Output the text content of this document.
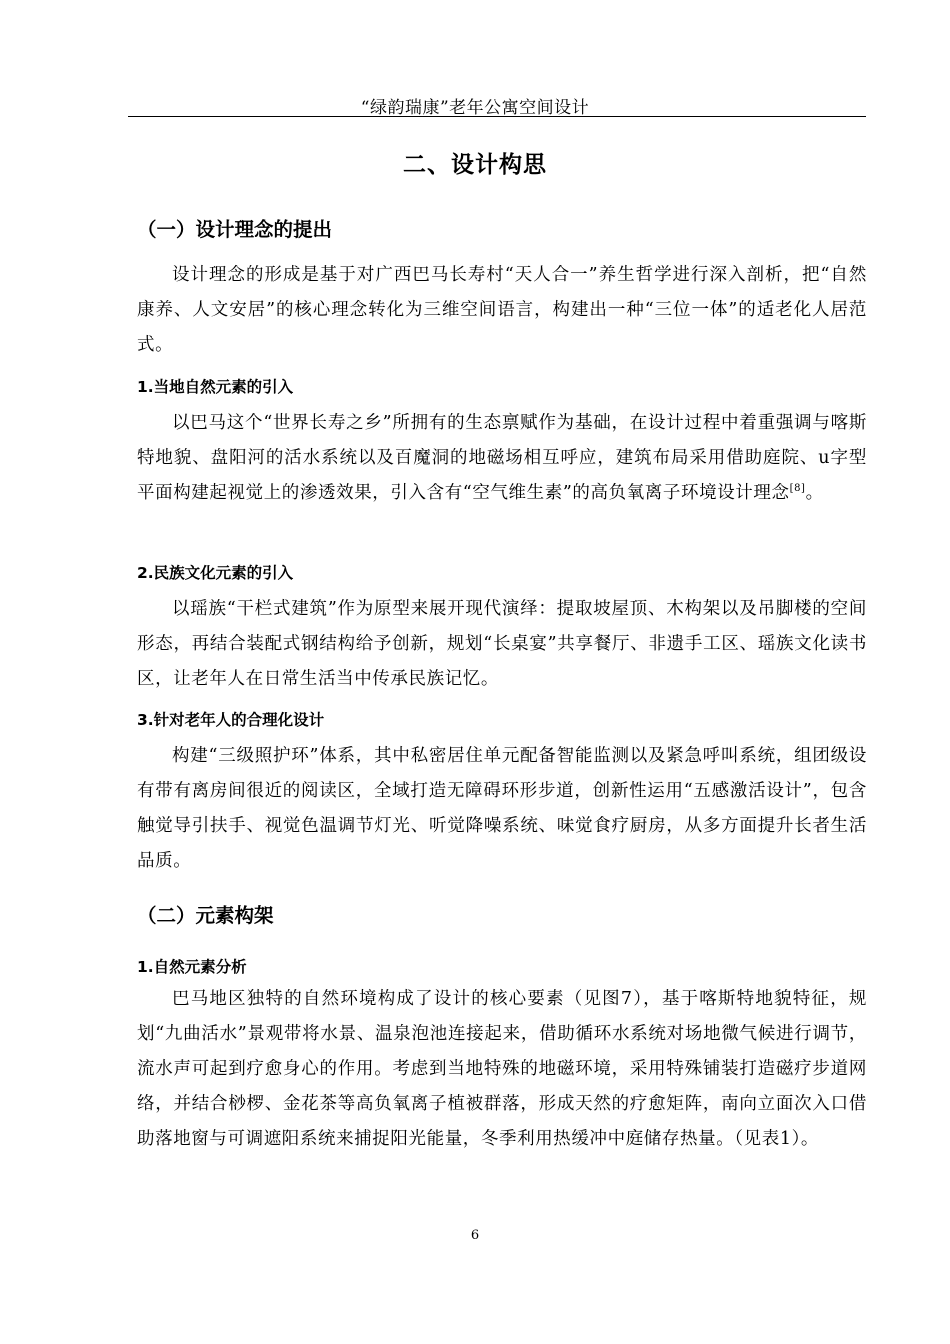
“绿韵瑞康”老年公寓空间设计
二、设计构思
（一）设计理念的提出

设计理念的形成是基于对广西巴马长寿村“天人合一”养生哲学进行深入剖析，把“自然康养、人文安居”的核心理念转化为三维空间语言，构建出一种“三位一体”的适老化人居范式。

1.当地自然元素的引入

以巴马这个“世界长寿之乡”所拥有的生态禀赋作为基础，在设计过程中着重强调与喀斯特地貌、盘阳河的活水系统以及百魔洞的地磁场相互呼应，建筑布局采用借助庭院、u字型平面构建起视觉上的渗透效果，引入含有“空气维生素”的高负氧离子环境设计理念[8]。

2.民族文化元素的引入

以瑶族“干栏式建筑”作为原型来展开现代演绎：提取坡屋顶、木构架以及吊脚楼的空间形态，再结合装配式钢结构给予创新，规划“长桌宴”共享餐厅、非遗手工区、瑶族文化读书区，让老年人在日常生活当中传承民族记忆。

3.针对老年人的合理化设计

构建“三级照护环”体系，其中私密居住单元配备智能监测以及紧急呼叫系统，组团级设有带有离房间很近的阅读区，全域打造无障碍环形步道，创新性运用“五感激活设计”，包含触觉导引扶手、视觉色温调节灯光、听觉降噪系统、味觉食疗厨房，从多方面提升长者生活品质。

（二）元素构架
1.自然元素分析

巴马地区独特的自然环境构成了设计的核心要素（见图7），基于喀斯特地貌特征，规划“九曲活水”景观带将水景、温泉泡池连接起来，借助循环水系统对场地微气候进行调节，流水声可起到疗愈身心的作用。考虑到当地特殊的地磁环境，采用特殊铺装打造磁疗步道网络，并结合桫椤、金花茶等高负氧离子植被群落，形成天然的疗愈矩阵，南向立面次入口借助落地窗与可调遮阳系统来捕捉阳光能量，冬季利用热缓冲中庭储存热量。（见表1）。

6
